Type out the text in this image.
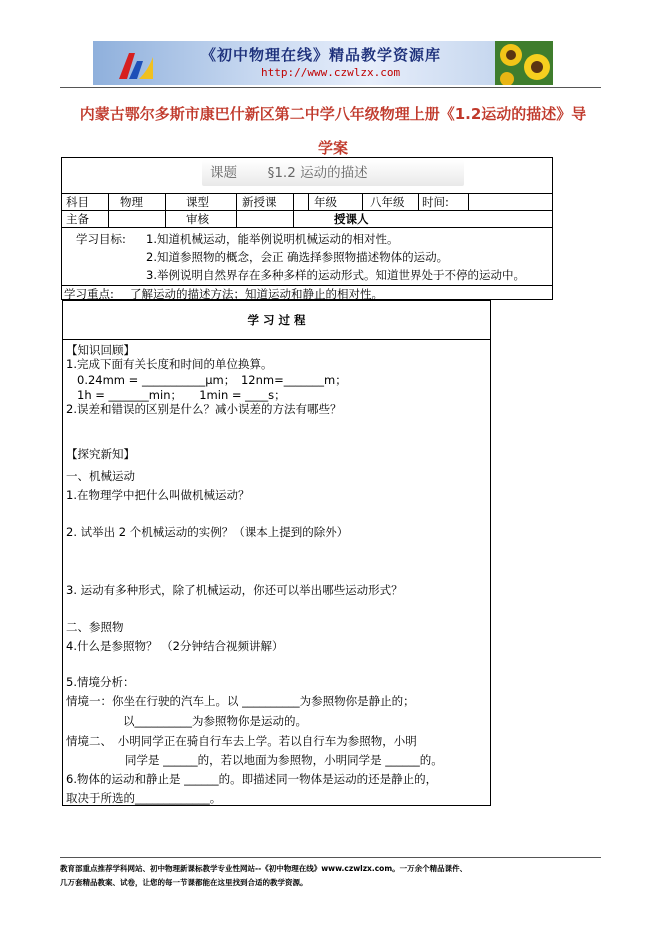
《初中物理在线》精品教学资源库
http://www.czwlzx.com
内蒙古鄂尔多斯市康巴什新区第二中学八年级物理上册《1.2运动的描述》导
学案
课题 §1.2 运动的描述
科目	物理	课型	新授课	年级	八年级 时间:
主备	审核	授课人
学习目标: 1.知道机械运动，能举例说明机械运动的相对性。
2.知道参照物的概念，会正 确选择参照物描述物体的运动。
3.举例说明自然界存在多种多样的运动形式。知道世界处于不停的运动中。
学习重点: 了解运动的描述方法；知道运动和静止的相对性。
学 习 过 程
【知识回顾】
1.完成下面有关长度和时间的单位换算。
0.24mm = ___________μm；　12nm=_______m；
1h = _______min；　　1min = ____s；
2.误差和错误的区别是什么？减小误差的方法有哪些？
【探究新知】
一、机械运动
1.在物理学中把什么叫做机械运动？
2. 试举出 2 个机械运动的实例？（课本上提到的除外）
3. 运动有多种形式，除了机械运动，你还可以举出哪些运动形式？
二、参照物
4.什么是参照物？ （2分钟结合视频讲解）
5.情境分析：
情境一：你坐在行驶的汽车上。以 __________为参照物你是静止的；
以__________为参照物你是运动的。
情境二、　小明同学正在骑自行车去上学。若以自行车为参照物，小明
同学是 ______的，若以地面为参照物，小明同学是 ______的。
6.物体的运动和静止是 ______的。即描述同一物体是运动的还是静止的，
取决于所选的_____________。
教育部重点推荐学科网站、初中物理新课标教学专业性网站--《初中物理在线》www.czwlzx.com。一万余个精品课件、
几万套精品教案、试卷，让您的每一节课都能在这里找到合适的教学资源。
